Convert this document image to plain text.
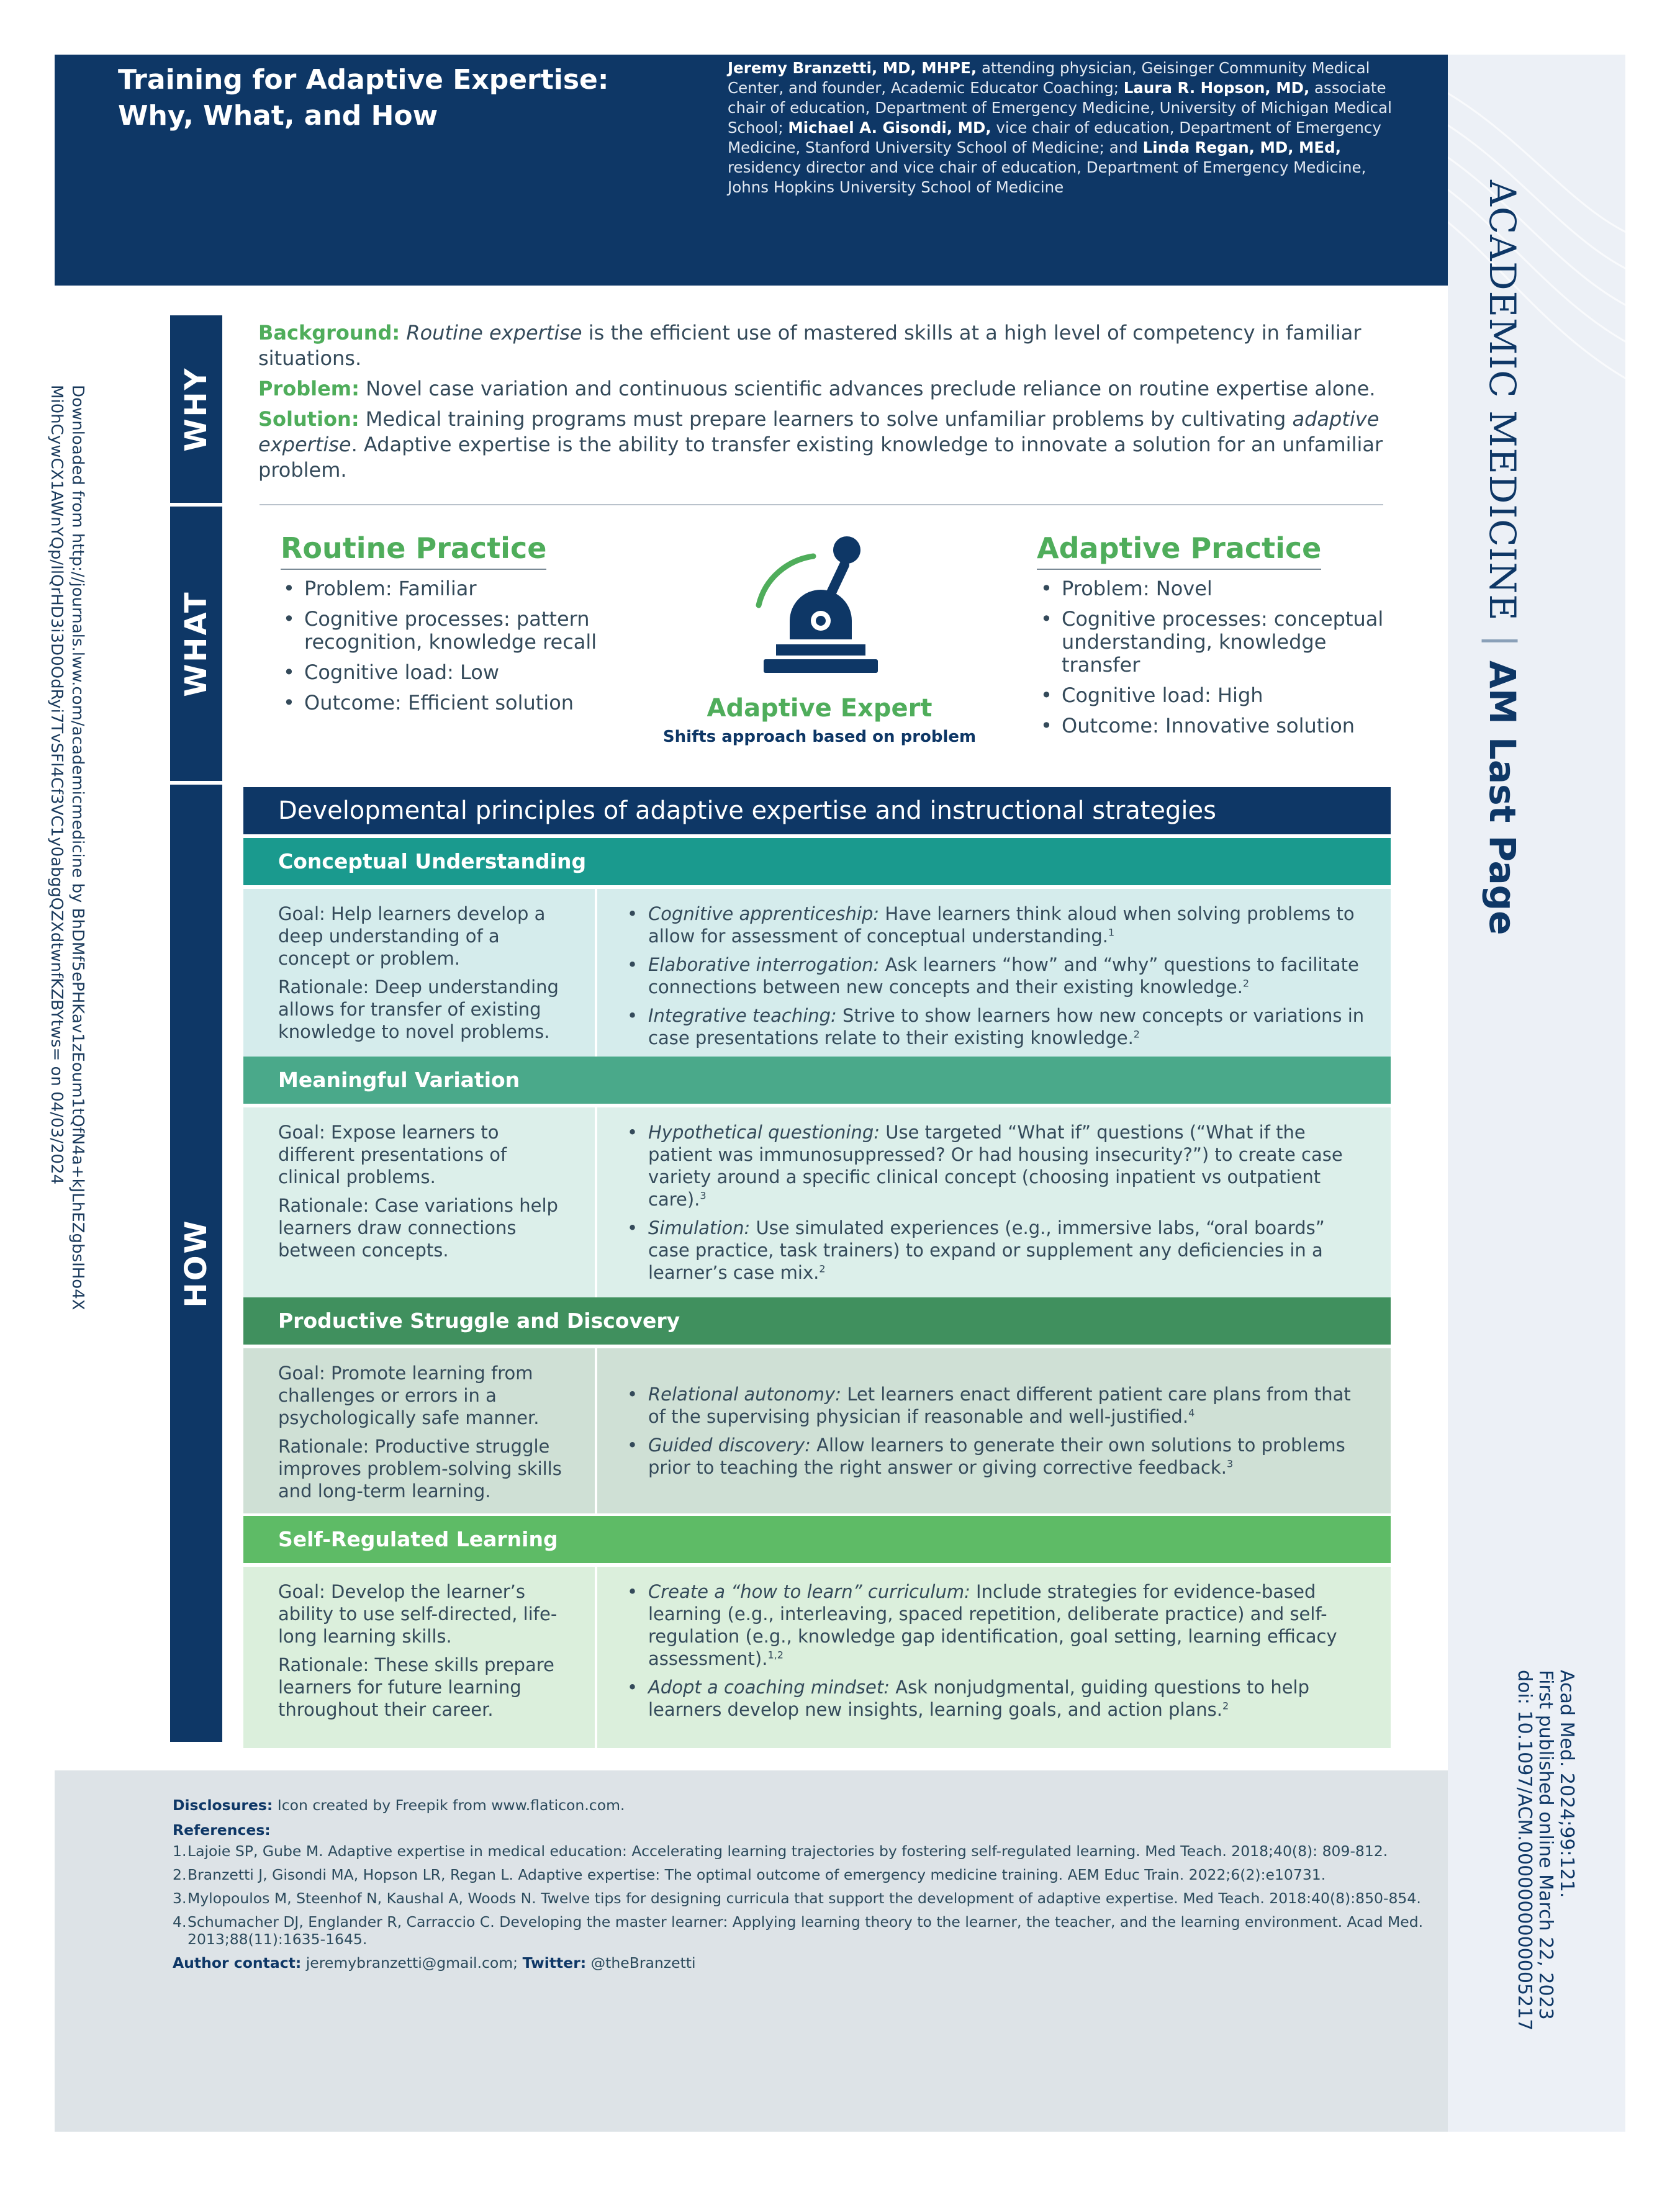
Training for Adaptive Expertise:
Why, What, and How
Jeremy Branzetti, MD, MHPE, attending physician, Geisinger Community Medical Center, and founder, Academic Educator Coaching; Laura R. Hopson, MD, associate chair of education, Department of Emergency Medicine, University of Michigan Medical School; Michael A. Gisondi, MD, vice chair of education, Department of Emergency Medicine, Stanford University School of Medicine; and Linda Regan, MD, MEd, residency director and vice chair of education, Department of Emergency Medicine, Johns Hopkins University School of Medicine	ACADEMIC MEDICINE|AM Last Page
Acad Med. 2024;99:121.
First published online March 22, 2023
doi: 10.1097/ACM.0000000000005217
Downloaded from http://journals.lww.com/academicmedicine by BhDMf5ePHKav1zEoum1tQfN4a+kJLhEZgbsIHo4X
Mi0hCywCX1AWnYQp/IlQrHD3i3D0OdRyi7TvSFl4Cf3VC1y0abggQZXdtwnfKZBYtws= on 04/03/2024	WHY
WHAT
HOW

Background: Routine expertise is the efficient use of mastered skills at a high level of competency in familiar situations.

Problem: Novel case variation and continuous scientific advances preclude reliance on routine expertise alone.

Solution: Medical training programs must prepare learners to solve unfamiliar problems by cultivating adaptive expertise. Adaptive expertise is the ability to transfer existing knowledge to innovate a solution for an unfamiliar problem.

Routine Practice
• Problem: Familiar
• Cognitive processes: pattern recognition, knowledge recall
• Cognitive load: Low
• Outcome: Efficient solution
Adaptive Practice
• Problem: Novel
• Cognitive processes: conceptual understanding, knowledge transfer
• Cognitive load: High
• Outcome: Innovative solution
Adaptive Expert
Shifts approach based on problem
Developmental principles of adaptive expertise and instructional strategies
Conceptual Understanding

Goal: Help learners develop a deep understanding of a concept or problem.

Rationale: Deep understanding allows for transfer of existing knowledge to novel problems.

• Cognitive apprenticeship: Have learners think aloud when solving problems to allow for assessment of conceptual understanding.$^1$
• Elaborative interrogation: Ask learners “how” and “why” questions to facilitate connections between new concepts and their existing knowledge.$^2$
• Integrative teaching: Strive to show learners how new concepts or variations in case presentations relate to their existing knowledge.$^2$
Meaningful Variation

Goal: Expose learners to different presentations of clinical problems.

Rationale: Case variations help learners draw connections between concepts.

• Hypothetical questioning: Use targeted “What if” questions (“What if the patient was immunosuppressed? Or had housing insecurity?”) to create case variety around a specific clinical concept (choosing inpatient vs outpatient care).$^3$
• Simulation: Use simulated experiences (e.g., immersive labs, “oral boards” case practice, task trainers) to expand or supplement any deficiencies in a learner’s case mix.$^2$
Productive Struggle and Discovery

Goal: Promote learning from challenges or errors in a psychologically safe manner.

Rationale: Productive struggle improves problem-solving skills and long-term learning.

• Relational autonomy: Let learners enact different patient care plans from that of the supervising physician if reasonable and well-justified.$^4$
• Guided discovery: Allow learners to generate their own solutions to problems prior to teaching the right answer or giving corrective feedback.$^3$
Self-Regulated Learning

Goal: Develop the learner’s ability to use self-directed, life-long learning skills.

Rationale: These skills prepare learners for future learning throughout their career.

• Create a “how to learn” curriculum: Include strategies for evidence-based learning (e.g., interleaving, spaced repetition, deliberate practice) and self-regulation (e.g., knowledge gap identification, goal setting, learning efficacy assessment).$^{1,2}$
• Adopt a coaching mindset: Ask nonjudgmental, guiding questions to help learners develop new insights, learning goals, and action plans.$^2$

Disclosures: Icon created by Freepik from www.flaticon.com.

References:
1. Lajoie SP, Gube M. Adaptive expertise in medical education: Accelerating learning trajectories by fostering self-regulated learning. Med Teach. 2018;40(8): 809-812.
2. Branzetti J, Gisondi MA, Hopson LR, Regan L. Adaptive expertise: The optimal outcome of emergency medicine training. AEM Educ Train. 2022;6(2):e10731.
3. Mylopoulos M, Steenhof N, Kaushal A, Woods N. Twelve tips for designing curricula that support the development of adaptive expertise. Med Teach. 2018:40(8):850-854.
4. Schumacher DJ, Englander R, Carraccio C. Developing the master learner: Applying learning theory to the learner, the teacher, and the learning environment. Acad Med. 2013;88(11):1635-1645.

Author contact: jeremybranzetti@gmail.com; Twitter: @theBranzetti
